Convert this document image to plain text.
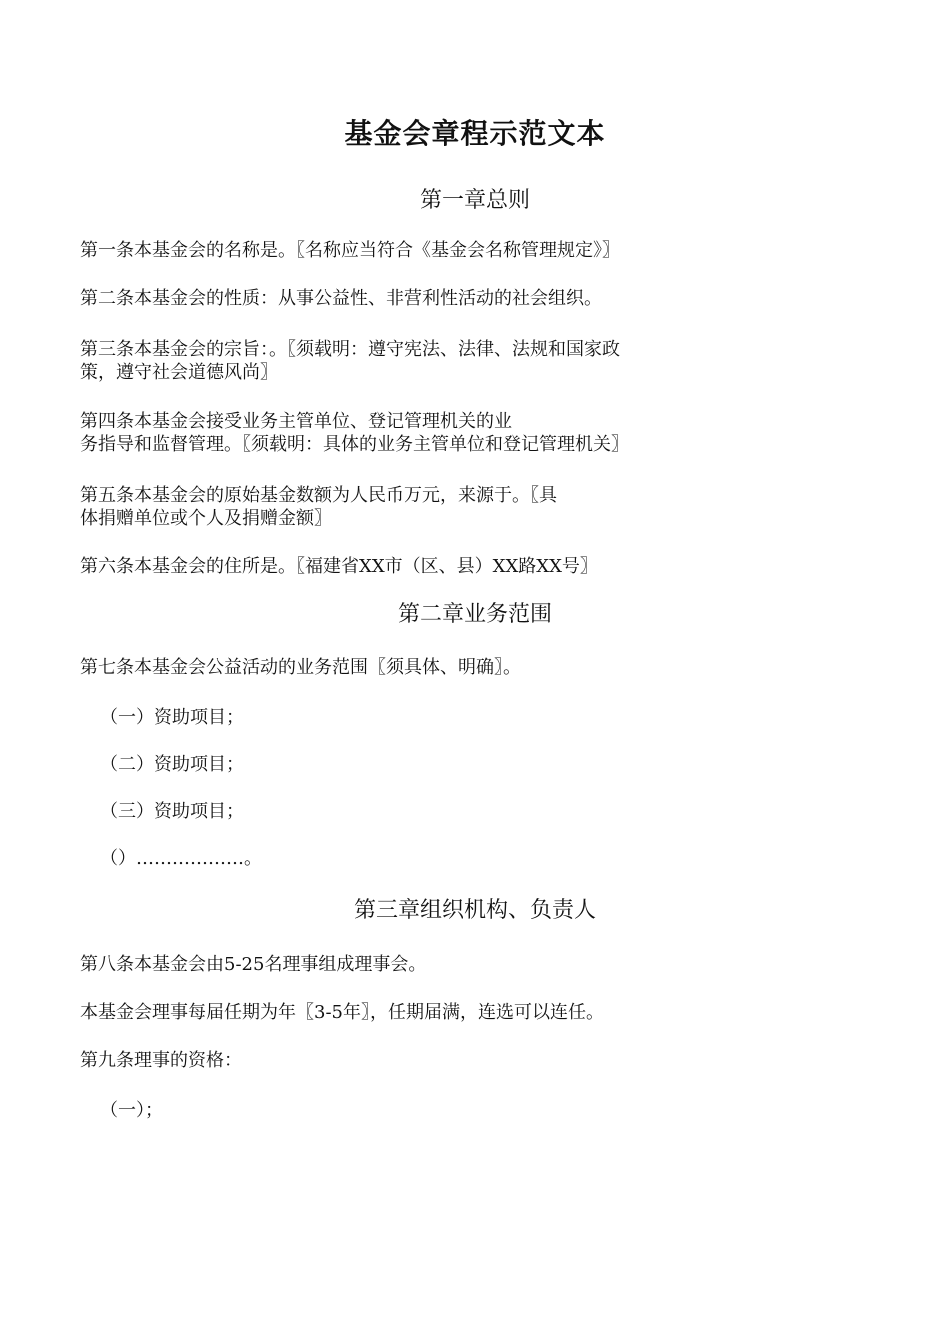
基金会章程示范文本
第一章总则

第一条本基金会的名称是。〖名称应当符合《基金会名称管理规定》〗

第二条本基金会的性质：从事公益性、非营利性活动的社会组织。

第三条本基金会的宗旨：。〖须载明：遵守宪法、法律、法规和国家政

策，遵守社会道德风尚〗

第四条本基金会接受业务主管单位、登记管理机关的业

务指导和监督管理。〖须载明：具体的业务主管单位和登记管理机关〗

第五条本基金会的原始基金数额为人民币万元，来源于。〖具

体捐赠单位或个人及捐赠金额〗

第六条本基金会的住所是。〖福建省XX市（区、县）XX路XX号〗

第二章业务范围

第七条本基金会公益活动的业务范围〖须具体、明确〗。

（一）资助项目；

（二）资助项目；

（三）资助项目；

（）………………。

第三章组织机构、负责人

第八条本基金会由5-25名理事组成理事会。

本基金会理事每届任期为年〖3-5年〗，任期届满，连选可以连任。

第九条理事的资格：

（一）；
